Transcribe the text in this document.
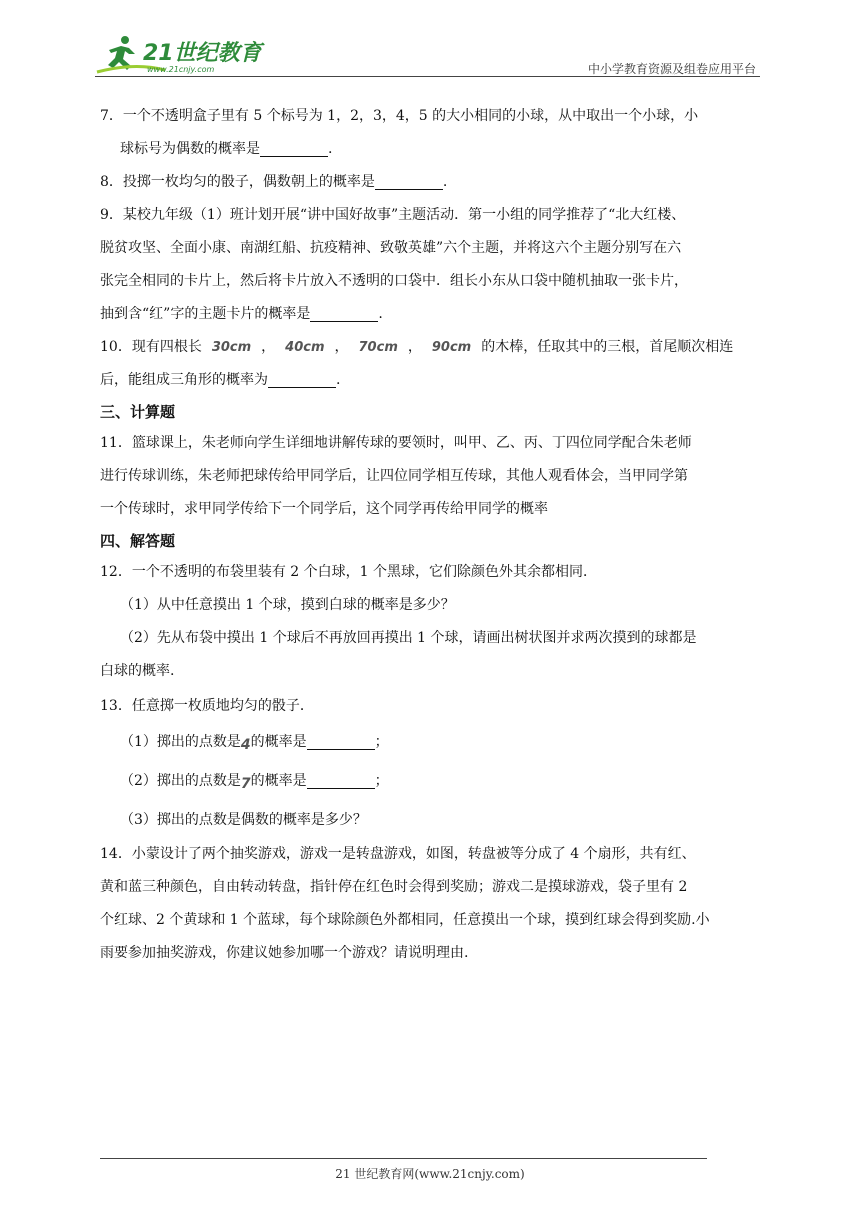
21世纪教育
www.21cnjy.com	中小学教育资源及组卷应用平台

7．一个不透明盒子里有 5 个标号为 1，2，3，4，5 的大小相同的小球，从中取出一个小球，小
球标号为偶数的概率是	.

8．投掷一枚均匀的骰子，偶数朝上的概率是	.

9．某校九年级（1）班计划开展“讲中国好故事”主题活动．第一小组的同学推荐了“北大红楼、
脱贫攻坚、全面小康、南湖红船、抗疫精神、致敬英雄”六个主题，并将这六个主题分别写在六
张完全相同的卡片上，然后将卡片放入不透明的口袋中．组长小东从口袋中随机抽取一张卡片，
抽到含“红”字的主题卡片的概率是	.

10．现有四根长 30cm ， 40cm ， 70cm ， 90cm 的木棒，任取其中的三根，首尾顺次相连
后，能组成三角形的概率为	.

三、计算题

11．篮球课上，朱老师向学生详细地讲解传球的要领时，叫甲、乙、丙、丁四位同学配合朱老师
进行传球训练，朱老师把球传给甲同学后，让四位同学相互传球，其他人观看体会，当甲同学第
一个传球时，求甲同学传给下一个同学后，这个同学再传给甲同学的概率

四、解答题

12．一个不透明的布袋里装有 2 个白球，1 个黑球，它们除颜色外其余都相同．
（1）从中任意摸出 1 个球，摸到白球的概率是多少？
（2）先从布袋中摸出 1 个球后不再放回再摸出 1 个球，请画出树状图并求两次摸到的球都是
白球的概率.

13．任意掷一枚质地均匀的骰子．
（1）掷出的点数是4的概率是	；
（2）掷出的点数是7的概率是	；
（3）掷出的点数是偶数的概率是多少？

14．小蒙设计了两个抽奖游戏，游戏一是转盘游戏，如图，转盘被等分成了 4 个扇形，共有红、
黄和蓝三种颜色，自由转动转盘，指针停在红色时会得到奖励；游戏二是摸球游戏，袋子里有 2
个红球、2 个黄球和 1 个蓝球，每个球除颜色外都相同，任意摸出一个球，摸到红球会得到奖励.小
雨要参加抽奖游戏，你建议她参加哪一个游戏？请说明理由.

21 世纪教育网(www.21cnjy.com)
